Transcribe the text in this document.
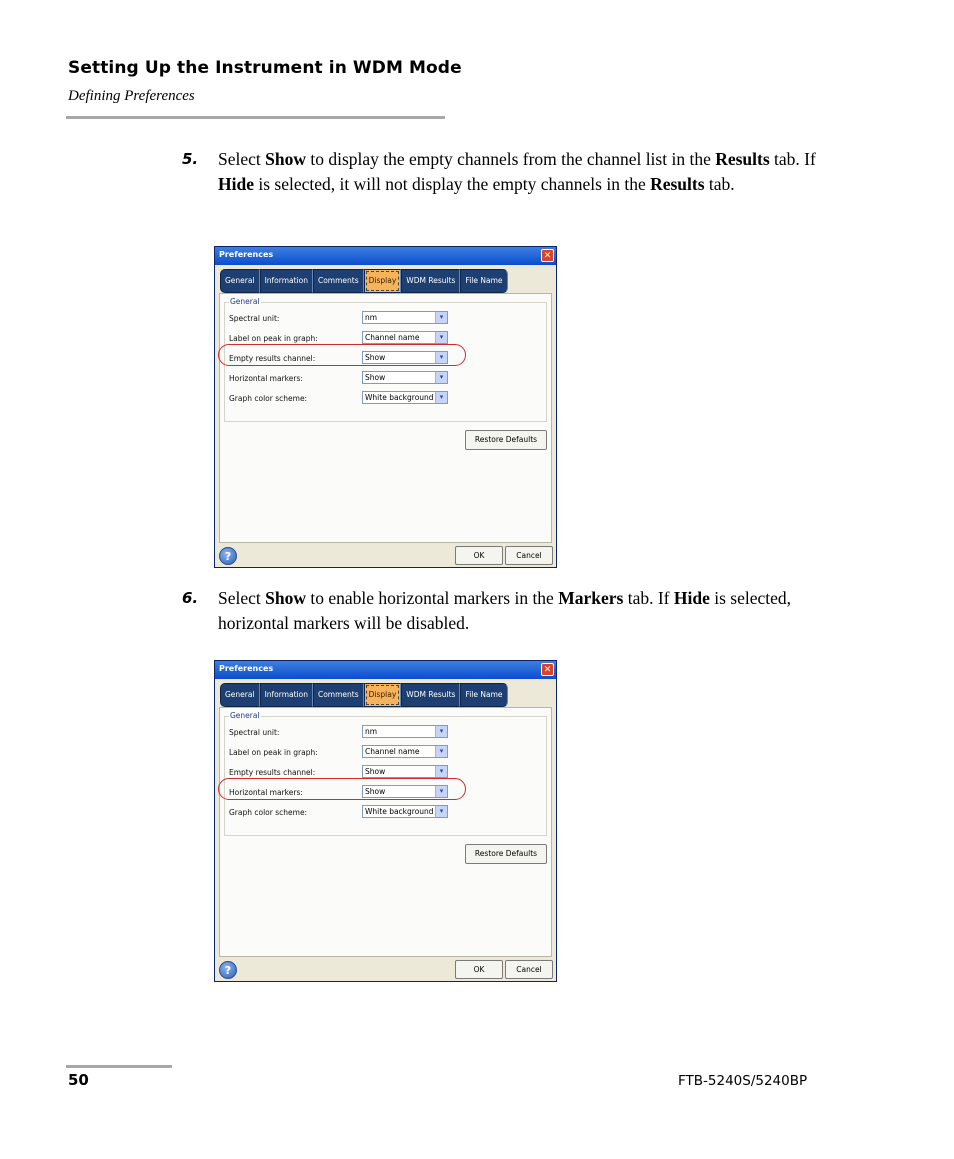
Setting Up the Instrument in WDM Mode
Defining Preferences
5. Select Show to display the empty channels from the channel list in the Results tab. If Hide is selected, it will not display the empty channels in the Results tab.
Preferences	✕
General	Information	Comments	Display	WDM Results	File Name
General
Spectral unit:	nm	▾
Label on peak in graph:	Channel name	▾
Empty results channel:	Show	▾
Horizontal markers:	Show	▾
Graph color scheme:	White background ▾
Restore Defaults
?	OK	Cancel
6. Select Show to enable horizontal markers in the Markers tab. If Hide is selected, horizontal markers will be disabled.
Preferences	✕
General	Information	Comments	Display	WDM Results	File Name
General
Spectral unit:	nm	▾
Label on peak in graph:	Channel name	▾
Empty results channel:	Show	▾
Horizontal markers:	Show	▾
Graph color scheme:	White background ▾
Restore Defaults
?	OK	Cancel
50	FTB-5240S/5240BP
